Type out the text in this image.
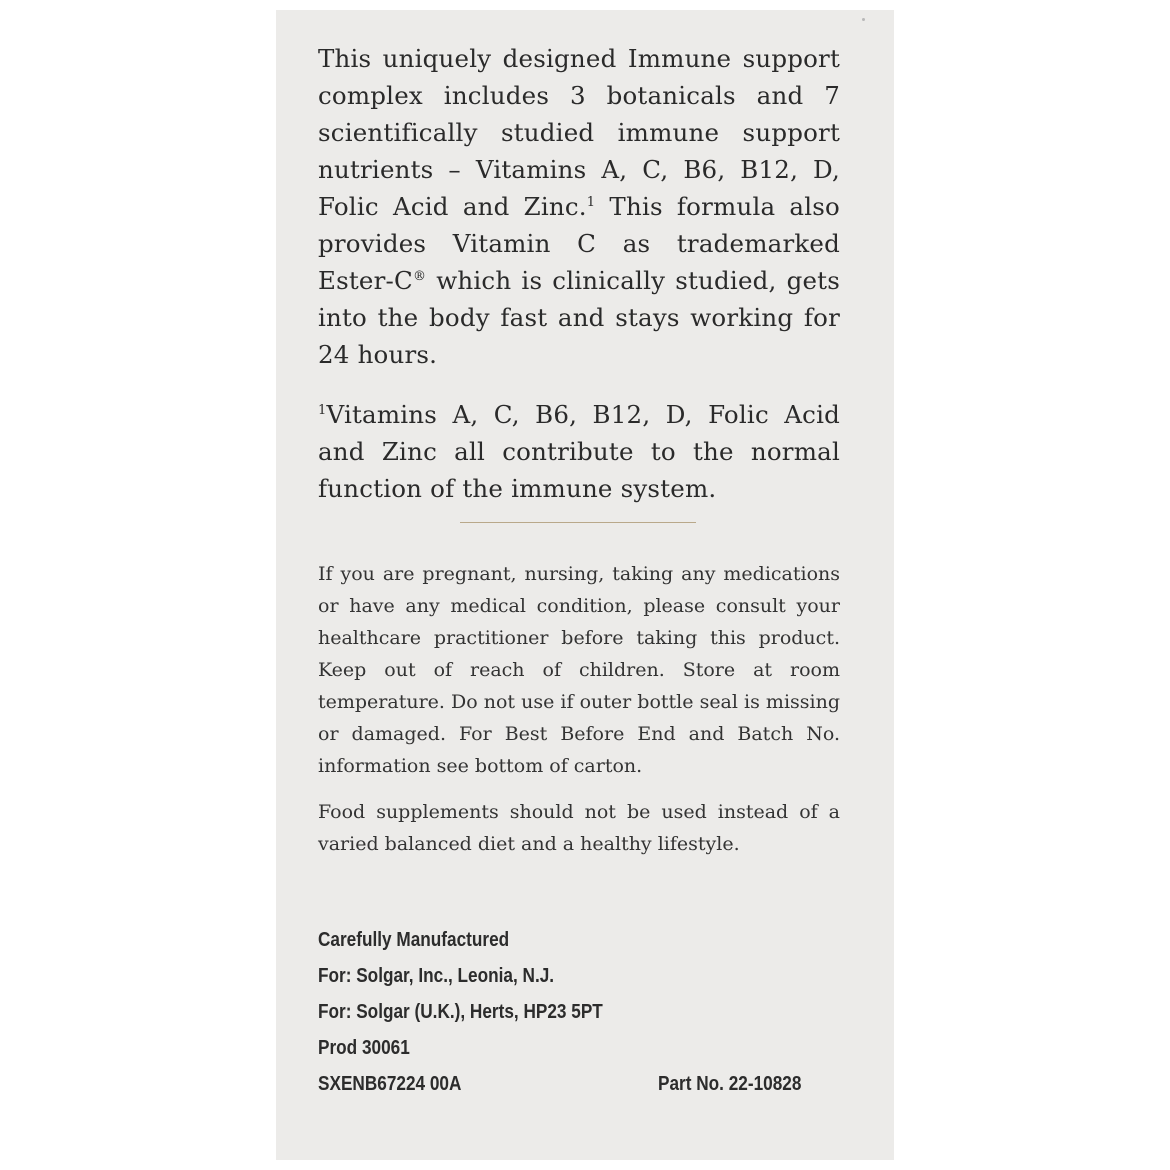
This uniquely designed Immune support complex includes 3 botanicals and 7 scientifically studied immune support nutrients – Vitamins A, C, B6, B12, D, Folic Acid and Zinc.$^1$ This formula also provides Vitamin C as trademarked Ester-C® which is clinically studied, gets into the body fast and stays working for 24 hours.

$^1$Vitamins A, C, B6, B12, D, Folic Acid and Zinc all contribute to the normal function of the immune system.

If you are pregnant, nursing, taking any medications or have any medical condition, please consult your healthcare practitioner before taking this product. Keep out of reach of children. Store at room temperature. Do not use if outer bottle seal is missing or damaged. For Best Before End and Batch No. information see bottom of carton.

Food supplements should not be used instead of a varied balanced diet and a healthy lifestyle.

Carefully Manufactured
For: Solgar, Inc., Leonia, N.J.
For: Solgar (U.K.), Herts, HP23 5PT
Prod 30061
SXENB67224 00A	Part No. 22-10828
